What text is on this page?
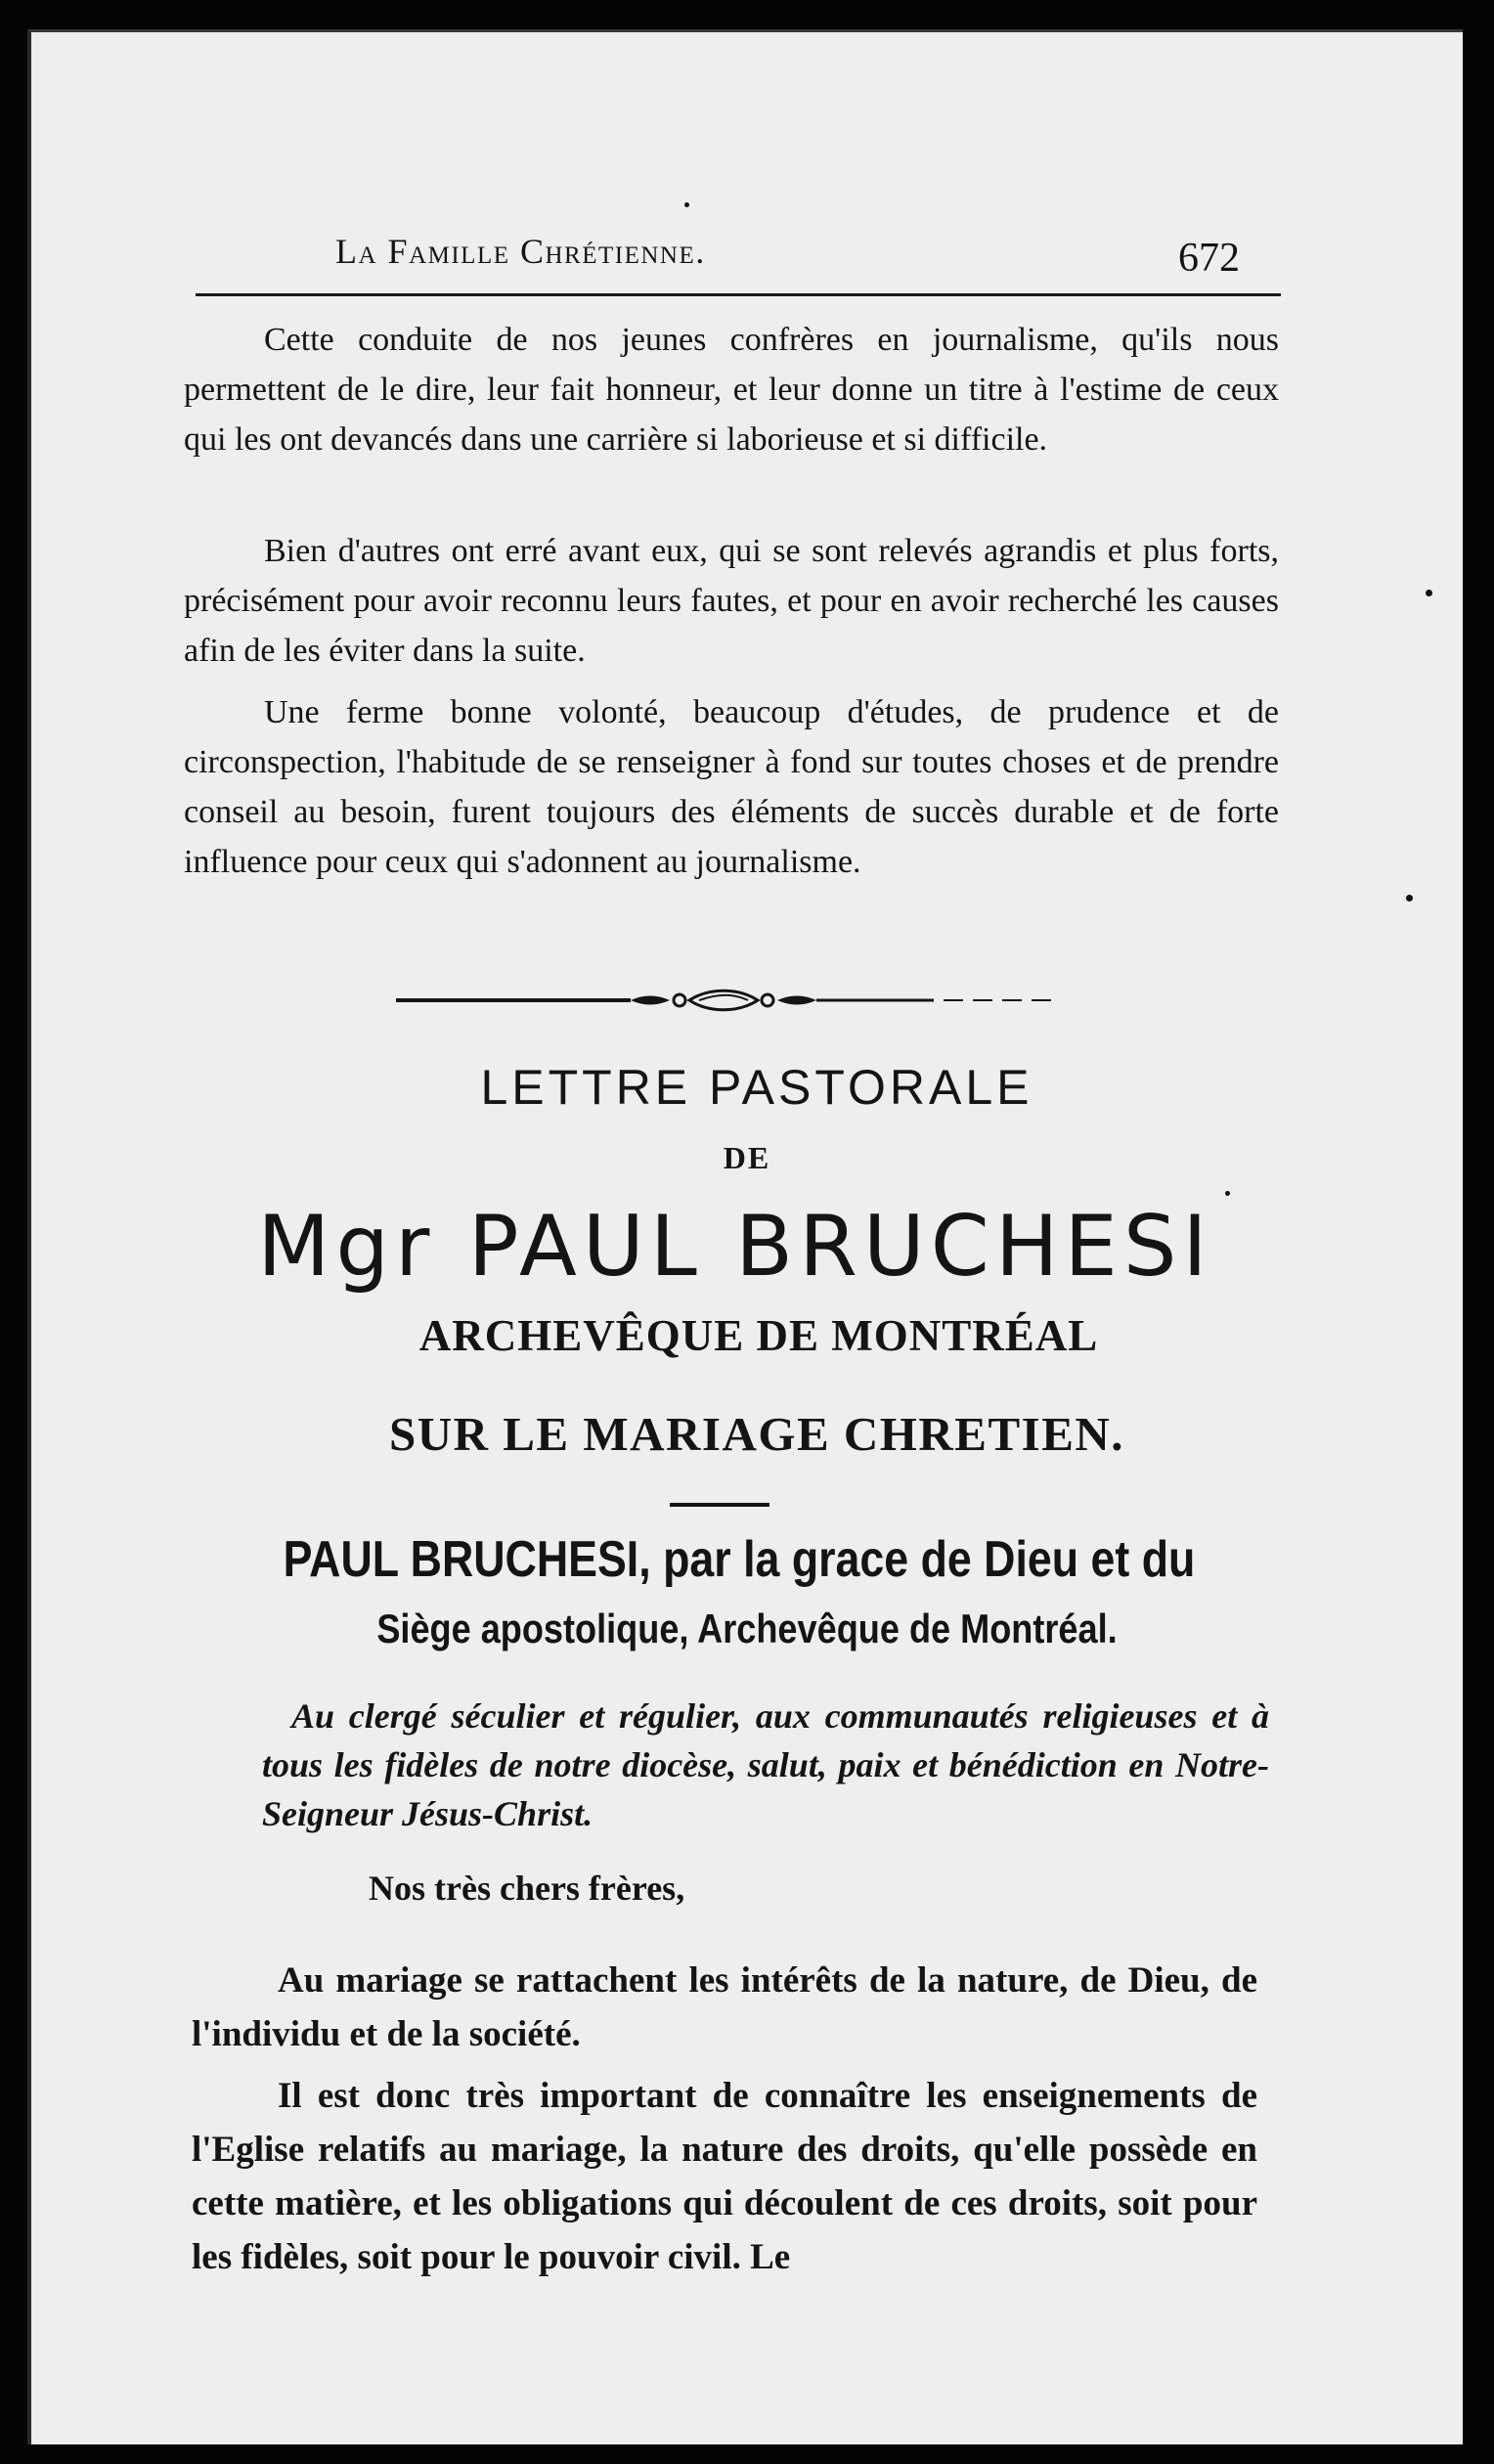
La Famille Chrétienne.	672

Cette conduite de nos jeunes confrères en journalisme, qu'ils nous permettent de le dire, leur fait honneur, et leur donne un titre à l'estime de ceux qui les ont devancés dans une carrière si laborieuse et si difficile.

Bien d'autres ont erré avant eux, qui se sont relevés agrandis et plus forts, précisément pour avoir reconnu leurs fautes, et pour en avoir recherché les causes afin de les éviter dans la suite.

Une ferme bonne volonté, beaucoup d'études, de prudence et de circonspection, l'habitude de se renseigner à fond sur toutes choses et de prendre conseil au besoin, furent toujours des éléments de succès durable et de forte influence pour ceux qui s'adonnent au journalisme.

LETTRE PASTORALE
DE
Mgr PAUL BRUCHESI
ARCHEVÊQUE DE MONTRÉAL
SUR LE MARIAGE CHRETIEN.
PAUL BRUCHESI, par la grace de Dieu et du
Siège apostolique, Archevêque de Montréal.
Au clergé séculier et régulier, aux communautés religieuses et à tous les fidèles de notre diocèse, salut, paix et bénédiction en Notre-Seigneur Jésus-Christ.
Nos très chers frères,

Au mariage se rattachent les intérêts de la nature, de Dieu, de l'individu et de la société.

Il est donc très important de connaître les enseignements de l'Eglise relatifs au mariage, la nature des droits, qu'elle possède en cette matière, et les obligations qui découlent de ces droits, soit pour les fidèles, soit pour le pouvoir civil. Le
